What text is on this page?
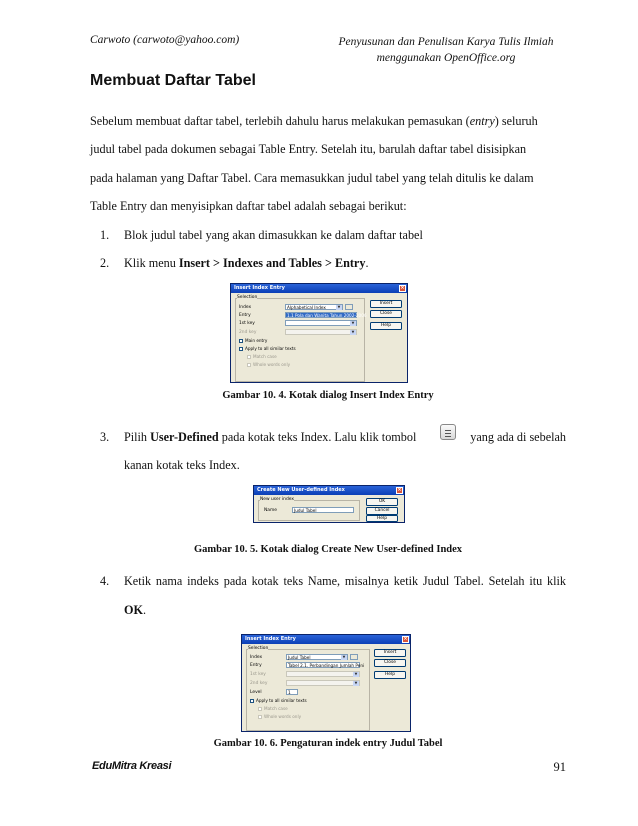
Carwoto (carwoto@yahoo.com)	Penyusunan dan Penulisan Karya Tulis Ilmiah
menggunakan OpenOffice.org
Membuat Daftar Tabel
Sebelum membuat daftar tabel, terlebih dahulu harus melakukan pemasukan (entry) seluruh
judul tabel pada dokumen sebagai Table Entry. Setelah itu, barulah daftar tabel disisipkan
pada halaman yang Daftar Tabel. Cara memasukkan judul tabel yang telah ditulis ke dalam
Table Entry dan menyisipkan daftar tabel adalah sebagai berikut:
1. Blok judul tabel yang akan dimasukkan ke dalam daftar tabel
2. Klik menu Insert > Indexes and Tables > Entry.
Insert Index Entry	×
Selection
Index	Alphabetical Index	▼
Entry	1.1 Pola dan Wanita Tahun 2002-2006
1st key	▼
2nd key	▼
Main entry
Apply to all similar texts
Match case
Whole words only
Insert
Close
Help
Gambar 10. 4. Kotak dialog Insert Index Entry
3. Pilih User-Defined pada kotak teks Index. Lalu klik tombol	yang ada di sebelah
kanan kotak teks Index.
Create New User-defined Index	×
New user index
Name	Judul Tabel
OK
Cancel
Help
Gambar 10. 5. Kotak dialog Create New User-defined Index
4. Ketik nama indeks pada kotak teks Name, misalnya ketik Judul Tabel. Setelah itu klik
OK.
Insert Index Entry	×
Selection
Index	Judul Tabel	▼
Entry	Tabel 2.1. Perbandingan Jumlah Peni
1st key	▼
2nd key	▼
Level	1
Apply to all similar texts
Match case
Whole words only
Insert
Close
Help
Gambar 10. 6. Pengaturan indek entry Judul Tabel
EduMitra Kreasi	91
